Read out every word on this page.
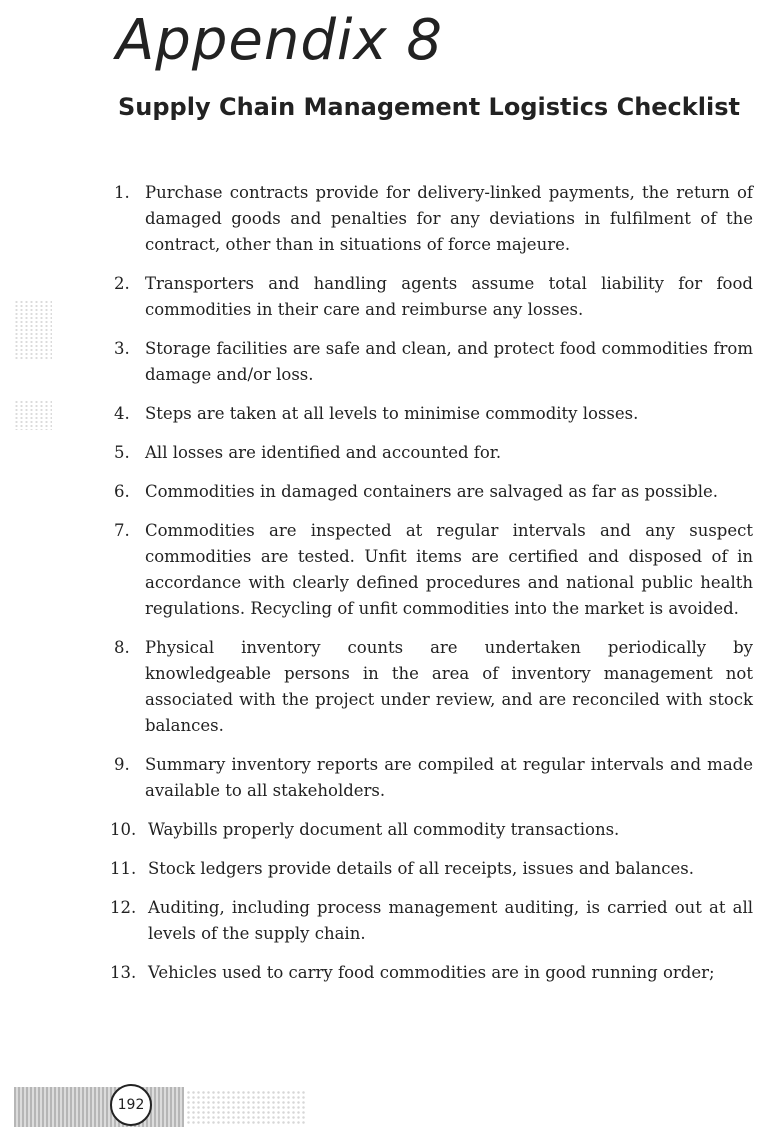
Appendix 8
Supply Chain Management Logistics Checklist
1. Purchase contracts provide for delivery-linked payments, the return of damaged goods and penalties for any deviations in fulfilment of the contract, other than in situations of force majeure.
2. Transporters and handling agents assume total liability for food commodities in their care and reimburse any losses.
3. Storage facilities are safe and clean, and protect food commodities from damage and/or loss.
4. Steps are taken at all levels to minimise commodity losses.
5. All losses are identified and accounted for.
6. Commodities in damaged containers are salvaged as far as possible.
7. Commodities are inspected at regular intervals and any suspect commodities are tested. Unfit items are certified and disposed of in accordance with clearly defined procedures and national public health regulations. Recycling of unfit commodities into the market is avoided.
8. Physical inventory counts are undertaken periodically by knowledgeable persons in the area of inventory management not associated with the project under review, and are reconciled with stock balances.
9. Summary inventory reports are compiled at regular intervals and made available to all stakeholders.
10. Waybills properly document all commodity transactions.
11. Stock ledgers provide details of all receipts, issues and balances.
12. Auditing, including process management auditing, is carried out at all levels of the supply chain.
13. Vehicles used to carry food commodities are in good running order;
192
